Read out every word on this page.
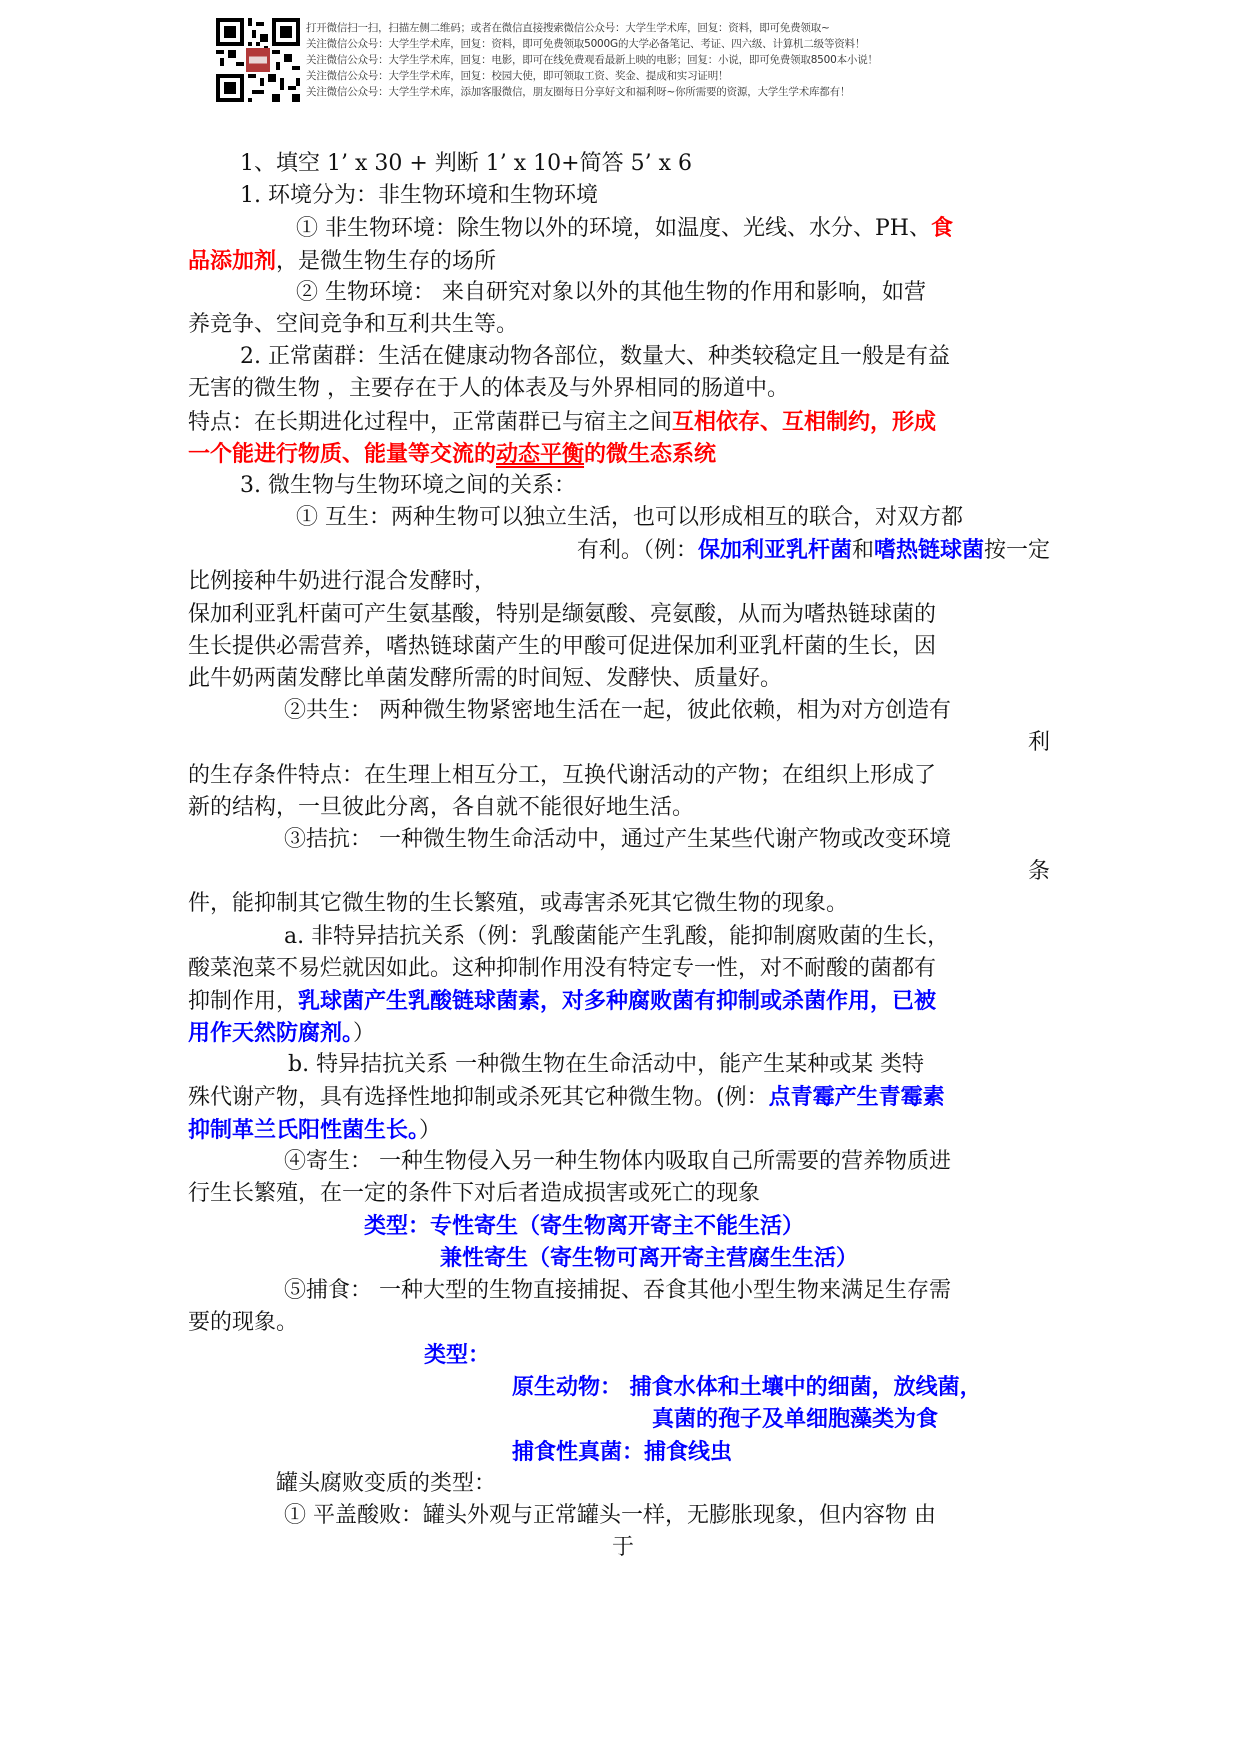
打开微信扫一扫，扫描左侧二维码；或者在微信直接搜索微信公众号：大学生学术库，回复：资料，即可免费领取~
关注微信公众号：大学生学术库，回复：资料，即可免费领取5000G的大学必备笔记、考证、四六级、计算机二级等资料！
关注微信公众号：大学生学术库，回复：电影，即可在线免费观看最新上映的电影；回复：小说，即可免费领取8500本小说！
关注微信公众号：大学生学术库，回复：校园大使，即可领取工资、奖金、提成和实习证明！
关注微信公众号：大学生学术库，添加客服微信，朋友圈每日分享好文和福利呀~你所需要的资源，大学生学术库都有！
1、填空 1’ x 30 + 判断 1’ x 10+简答 5’ x 6
1. 环境分为：非生物环境和生物环境
① 非生物环境：除生物以外的环境，如温度、光线、水分、PH、食
品添加剂，是微生物生存的场所
② 生物环境： 来自研究对象以外的其他生物的作用和影响，如营
养竞争、空间竞争和互利共生等。
2. 正常菌群：生活在健康动物各部位，数量大、种类较稳定且一般是有益
无害的微生物 ，主要存在于人的体表及与外界相同的肠道中。
特点：在长期进化过程中，正常菌群已与宿主之间互相依存、互相制约，形成
一个能进行物质、能量等交流的动态平衡的微生态系统
3. 微生物与生物环境之间的关系：
① 互生：两种生物可以独立生活，也可以形成相互的联合，对双方都
有利。（例：保加利亚乳杆菌和嗜热链球菌按一定
比例接种牛奶进行混合发酵时，
保加利亚乳杆菌可产生氨基酸，特别是缬氨酸、亮氨酸，从而为嗜热链球菌的
生长提供必需营养，嗜热链球菌产生的甲酸可促进保加利亚乳杆菌的生长，因
此牛奶两菌发酵比单菌发酵所需的时间短、发酵快、质量好。
②共生： 两种微生物紧密地生活在一起，彼此依赖，相为对方创造有
利
的生存条件特点：在生理上相互分工，互换代谢活动的产物；在组织上形成了
新的结构，一旦彼此分离，各自就不能很好地生活。
③拮抗： 一种微生物生命活动中，通过产生某些代谢产物或改变环境
条
件，能抑制其它微生物的生长繁殖，或毒害杀死其它微生物的现象。
a. 非特异拮抗关系（例：乳酸菌能产生乳酸，能抑制腐败菌的生长，
酸菜泡菜不易烂就因如此。这种抑制作用没有特定专一性，对不耐酸的菌都有
抑制作用，乳球菌产生乳酸链球菌素，对多种腐败菌有抑制或杀菌作用，已被
用作天然防腐剂。）
b. 特异拮抗关系 一种微生物在生命活动中，能产生某种或某 类特
殊代谢产物，具有选择性地抑制或杀死其它种微生物。(例：点青霉产生青霉素
抑制革兰氏阳性菌生长。）
④寄生： 一种生物侵入另一种生物体内吸取自己所需要的营养物质进
行生长繁殖，在一定的条件下对后者造成损害或死亡的现象
类型：专性寄生（寄生物离开寄主不能生活）
兼性寄生（寄生物可离开寄主营腐生生活）
⑤捕食： 一种大型的生物直接捕捉、吞食其他小型生物来满足生存需
要的现象。
类型：
原生动物： 捕食水体和土壤中的细菌，放线菌，
真菌的孢子及单细胞藻类为食
捕食性真菌：捕食线虫
罐头腐败变质的类型：
① 平盖酸败：罐头外观与正常罐头一样，无膨胀现象，但内容物 由
于
